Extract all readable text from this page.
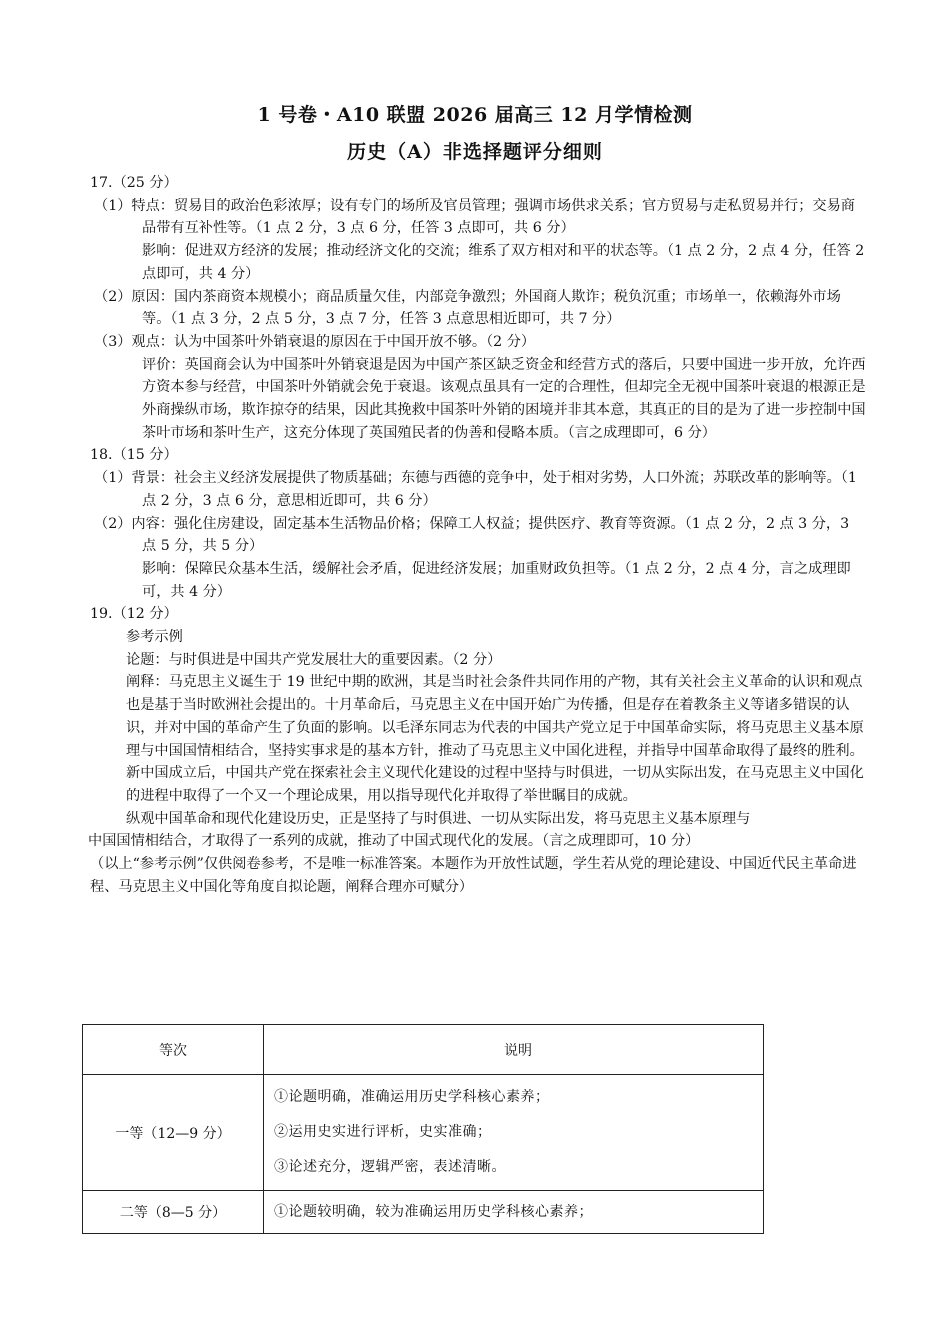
1 号卷・A10 联盟 2026 届高三 12 月学情检测
历史（A）非选择题评分细则

17.（25 分）

（1）特点：贸易目的政治色彩浓厚；设有专门的场所及官员管理；强调市场供求关系；官方贸易与走私贸易并行；交易商品带有互补性等。（1 点 2 分，3 点 6 分，任答 3 点即可，共 6 分）

影响：促进双方经济的发展；推动经济文化的交流；维系了双方相对和平的状态等。（1 点 2 分，2 点 4 分，任答 2 点即可，共 4 分）

（2）原因：国内茶商资本规模小；商品质量欠佳，内部竞争激烈；外国商人欺诈；税负沉重；市场单一，依赖海外市场等。（1 点 3 分，2 点 5 分，3 点 7 分，任答 3 点意思相近即可，共 7 分）

（3）观点：认为中国茶叶外销衰退的原因在于中国开放不够。（2 分）

评价：英国商会认为中国茶叶外销衰退是因为中国产茶区缺乏资金和经营方式的落后，只要中国进一步开放，允许西方资本参与经营，中国茶叶外销就会免于衰退。该观点虽具有一定的合理性，但却完全无视中国茶叶衰退的根源正是外商操纵市场，欺诈掠夺的结果，因此其挽救中国茶叶外销的困境并非其本意，其真正的目的是为了进一步控制中国茶叶市场和茶叶生产，这充分体现了英国殖民者的伪善和侵略本质。（言之成理即可，6 分）

18.（15 分）

（1）背景：社会主义经济发展提供了物质基础；东德与西德的竞争中，处于相对劣势，人口外流；苏联改革的影响等。（1 点 2 分，3 点 6 分，意思相近即可，共 6 分）

（2）内容：强化住房建设，固定基本生活物品价格；保障工人权益；提供医疗、教育等资源。（1 点 2 分，2 点 3 分，3 点 5 分，共 5 分）

影响：保障民众基本生活，缓解社会矛盾，促进经济发展；加重财政负担等。（1 点 2 分，2 点 4 分，言之成理即可，共 4 分）

19.（12 分）

参考示例

论题：与时俱进是中国共产党发展壮大的重要因素。（2 分）

阐释：马克思主义诞生于 19 世纪中期的欧洲，其是当时社会条件共同作用的产物，其有关社会主义革命的认识和观点也是基于当时欧洲社会提出的。十月革命后，马克思主义在中国开始广为传播，但是存在着教条主义等诸多错误的认识，并对中国的革命产生了负面的影响。以毛泽东同志为代表的中国共产党立足于中国革命实际，将马克思主义基本原理与中国国情相结合，坚持实事求是的基本方针，推动了马克思主义中国化进程，并指导中国革命取得了最终的胜利。新中国成立后，中国共产党在探索社会主义现代化建设的过程中坚持与时俱进，一切从实际出发，在马克思主义中国化的进程中取得了一个又一个理论成果，用以指导现代化并取得了举世瞩目的成就。

纵观中国革命和现代化建设历史，正是坚持了与时俱进、一切从实际出发，将马克思主义基本原理与

中国国情相结合，才取得了一系列的成就，推动了中国式现代化的发展。（言之成理即可，10 分）

（以上“参考示例”仅供阅卷参考，不是唯一标准答案。本题作为开放性试题，学生若从党的理论建设、中国近代民主革命进程、马克思主义中国化等角度自拟论题，阐释合理亦可赋分）

等次	说明
一等（12—9 分）	①论题明确，准确运用历史学科核心素养；
②运用史实进行评析，史实准确；
③论述充分，逻辑严密，表述清晰。

二等（8—5 分）	①论题较明确，较为准确运用历史学科核心素养；
